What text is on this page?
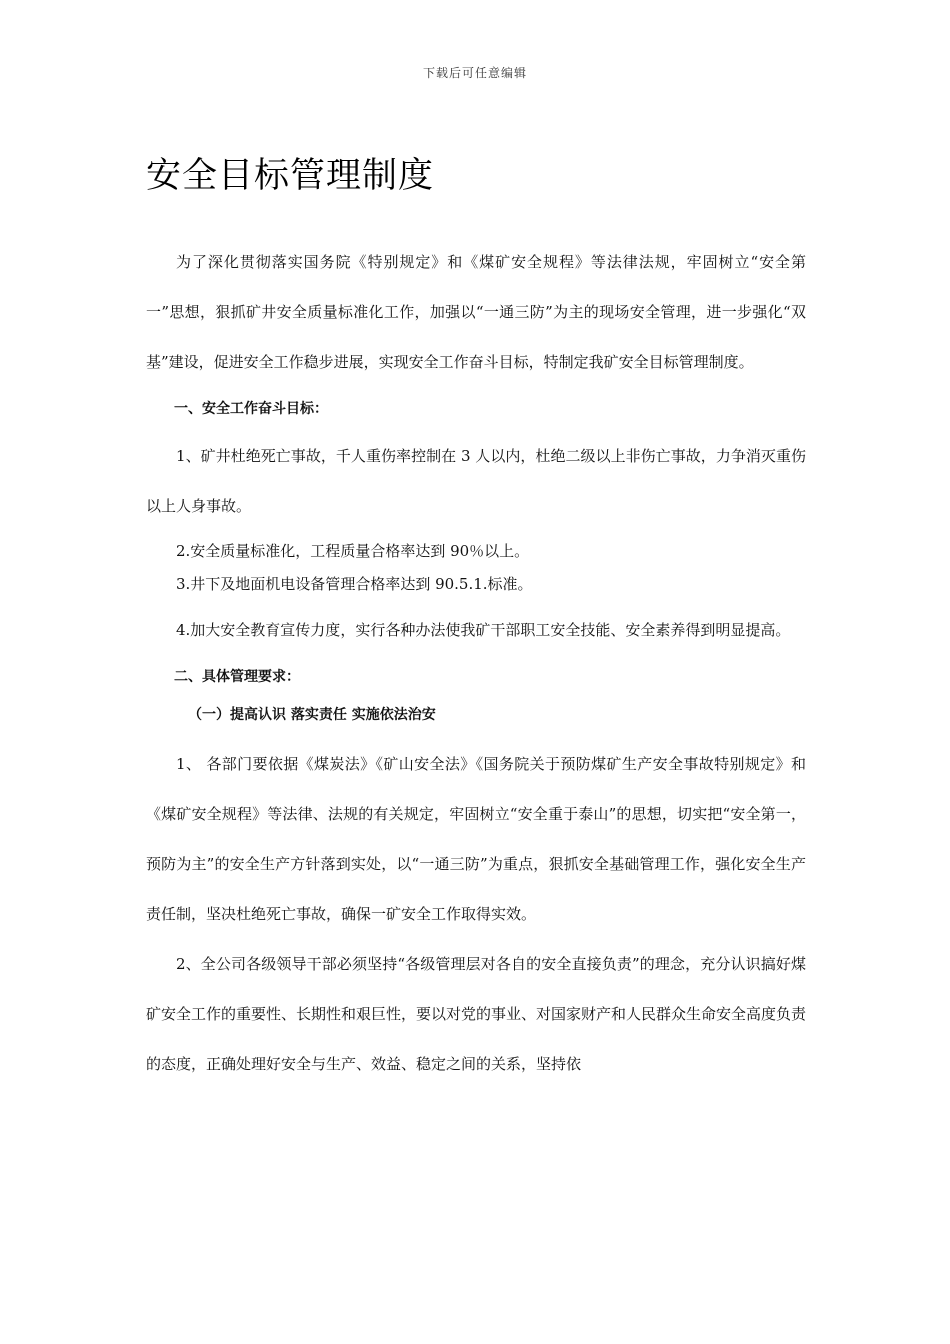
下载后可任意编辑
安全目标管理制度

为了深化贯彻落实国务院《特别规定》和《煤矿安全规程》等法律法规，牢固树立“安全第一”思想，狠抓矿井安全质量标准化工作，加强以“一通三防”为主的现场安全管理，进一步强化“双基”建设，促进安全工作稳步进展，实现安全工作奋斗目标，特制定我矿安全目标管理制度。

一、安全工作奋斗目标：

1、矿井杜绝死亡事故，千人重伤率控制在 3 人以内，杜绝二级以上非伤亡事故，力争消灭重伤以上人身事故。

2.安全质量标准化，工程质量合格率达到 90％以上。

3.井下及地面机电设备管理合格率达到 90.5.1.标准。

4.加大安全教育宣传力度，实行各种办法使我矿干部职工安全技能、安全素养得到明显提高。

二、具体管理要求：
（一）提高认识 落实责任 实施依法治安

1、 各部门要依据《煤炭法》《矿山安全法》《国务院关于预防煤矿生产安全事故特别规定》和《煤矿安全规程》等法律、法规的有关规定，牢固树立“安全重于泰山”的思想，切实把“安全第一，预防为主”的安全生产方针落到实处，以“一通三防”为重点，狠抓安全基础管理工作，强化安全生产责任制，坚决杜绝死亡事故，确保一矿安全工作取得实效。

2、全公司各级领导干部必须坚持“各级管理层对各自的安全直接负责”的理念，充分认识搞好煤矿安全工作的重要性、长期性和艰巨性，要以对党的事业、对国家财产和人民群众生命安全高度负责的态度，正确处理好安全与生产、效益、稳定之间的关系，坚持依
